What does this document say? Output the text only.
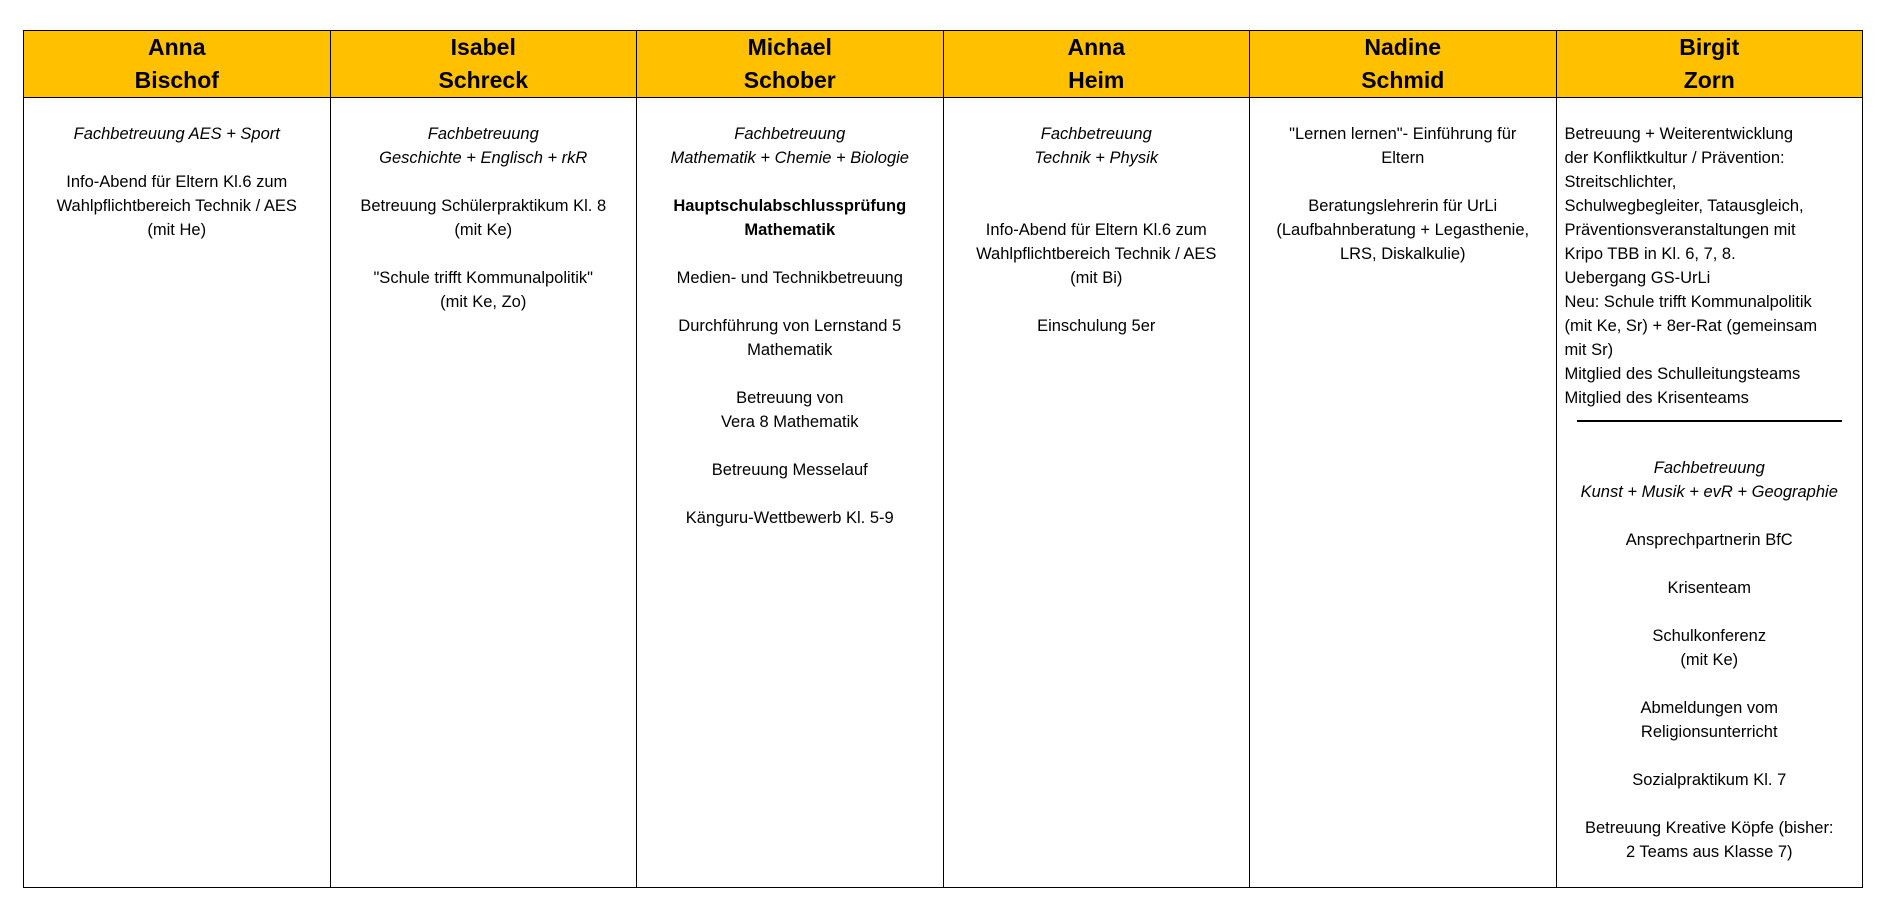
Anna
Bischof

Fachbetreuung AES + Sport

Info-Abend für Eltern Kl.6 zum
Wahlpflichtbereich Technik / AES
(mit He)

Isabel
Schreck

Fachbetreuung
Geschichte + Englisch + rkR

Betreuung Schülerpraktikum Kl. 8
(mit Ke)

"Schule trifft Kommunalpolitik"
(mit Ke, Zo)

Michael
Schober

Fachbetreuung
Mathematik + Chemie + Biologie

Hauptschulabschlussprüfung
Mathematik

Medien- und Technikbetreuung

Durchführung von Lernstand 5
Mathematik

Betreuung von
Vera 8 Mathematik

Betreuung Messelauf

Känguru-Wettbewerb Kl. 5-9

Anna
Heim

Fachbetreuung
Technik + Physik

Info-Abend für Eltern Kl.6 zum
Wahlpflichtbereich Technik / AES
(mit Bi)

Einschulung 5er

Nadine
Schmid

"Lernen lernen"- Einführung für
Eltern

Beratungslehrerin für UrLi
(Laufbahnberatung + Legasthenie,
LRS, Diskalkulie)

Birgit
Zorn

Betreuung + Weiterentwicklung

der Konfliktkultur / Prävention:

Streitschlichter,

Schulwegbegleiter, Tatausgleich,

Präventionsveranstaltungen mit

Kripo TBB in Kl. 6, 7, 8.

Uebergang GS-UrLi

Neu: Schule trifft Kommunalpolitik

(mit Ke, Sr) + 8er-Rat (gemeinsam

mit Sr)

Mitglied des Schulleitungsteams

Mitglied des Krisenteams

Fachbetreuung
Kunst + Musik + evR + Geographie

Ansprechpartnerin BfC

Krisenteam

Schulkonferenz
(mit Ke)

Abmeldungen vom
Religionsunterricht

Sozialpraktikum Kl. 7

Betreuung Kreative Köpfe (bisher:
2 Teams aus Klasse 7)
